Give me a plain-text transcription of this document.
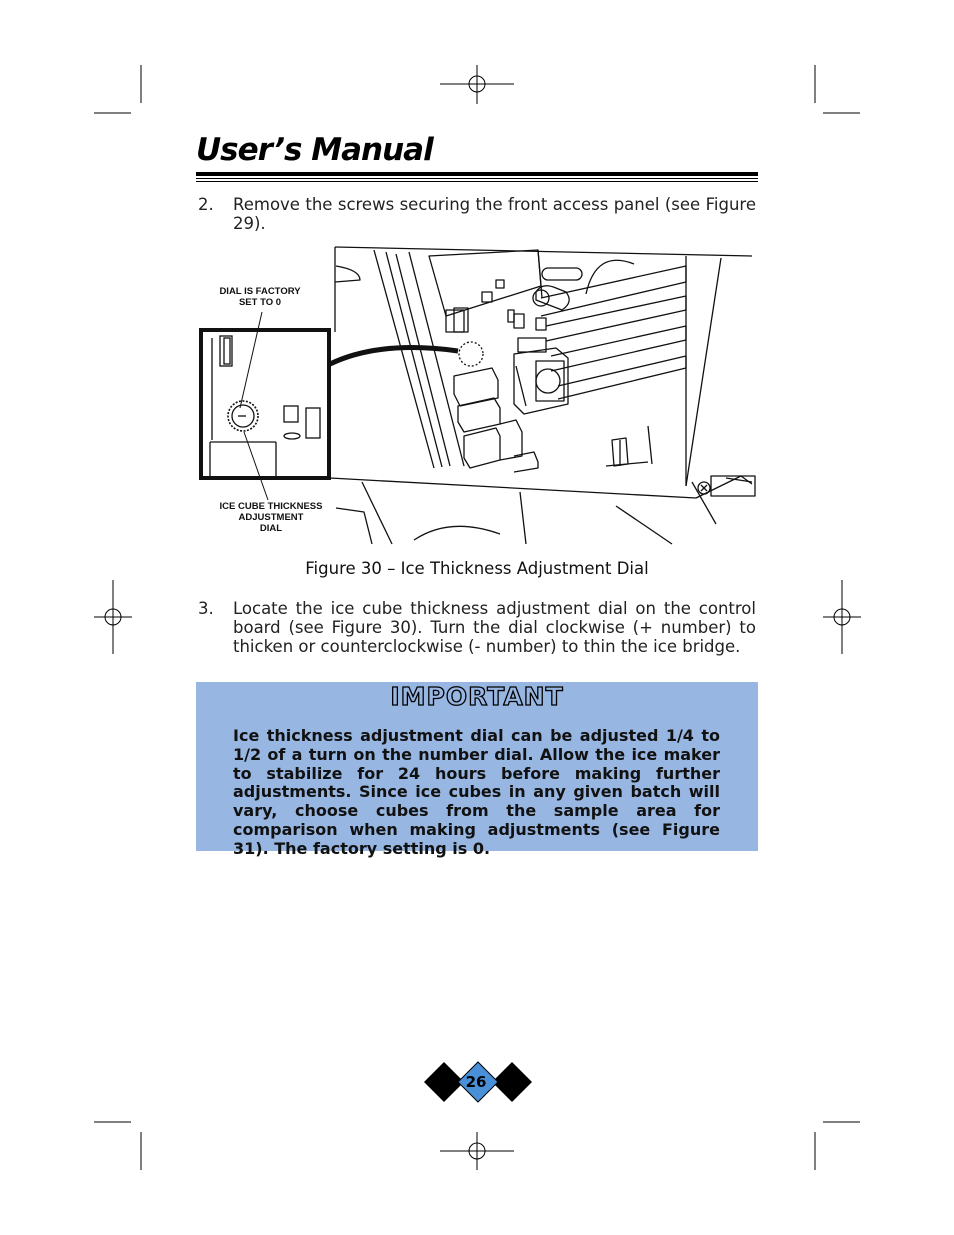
User’s Manual
2. Remove the screws securing the front access panel (see Figure 29).
DIAL IS FACTORY
SET TO 0
ICE CUBE THICKNESS
ADJUSTMENT
DIAL
Figure 30 – Ice Thickness Adjustment Dial
3. Locate the ice cube thickness adjustment dial on the control board (see Figure 30). Turn the dial clockwise (+ number) to thicken or counterclockwise (- number) to thin the ice bridge.
IMPORTANT
Ice thickness adjustment dial can be adjusted 1/4 to 1/2 of a turn on the number dial. Allow the ice maker to stabilize for 24 hours before making further adjustments. Since ice cubes in any given batch will vary, choose cubes from the sample area for comparison when making adjustments (see Figure 31). The factory setting is 0.
26
